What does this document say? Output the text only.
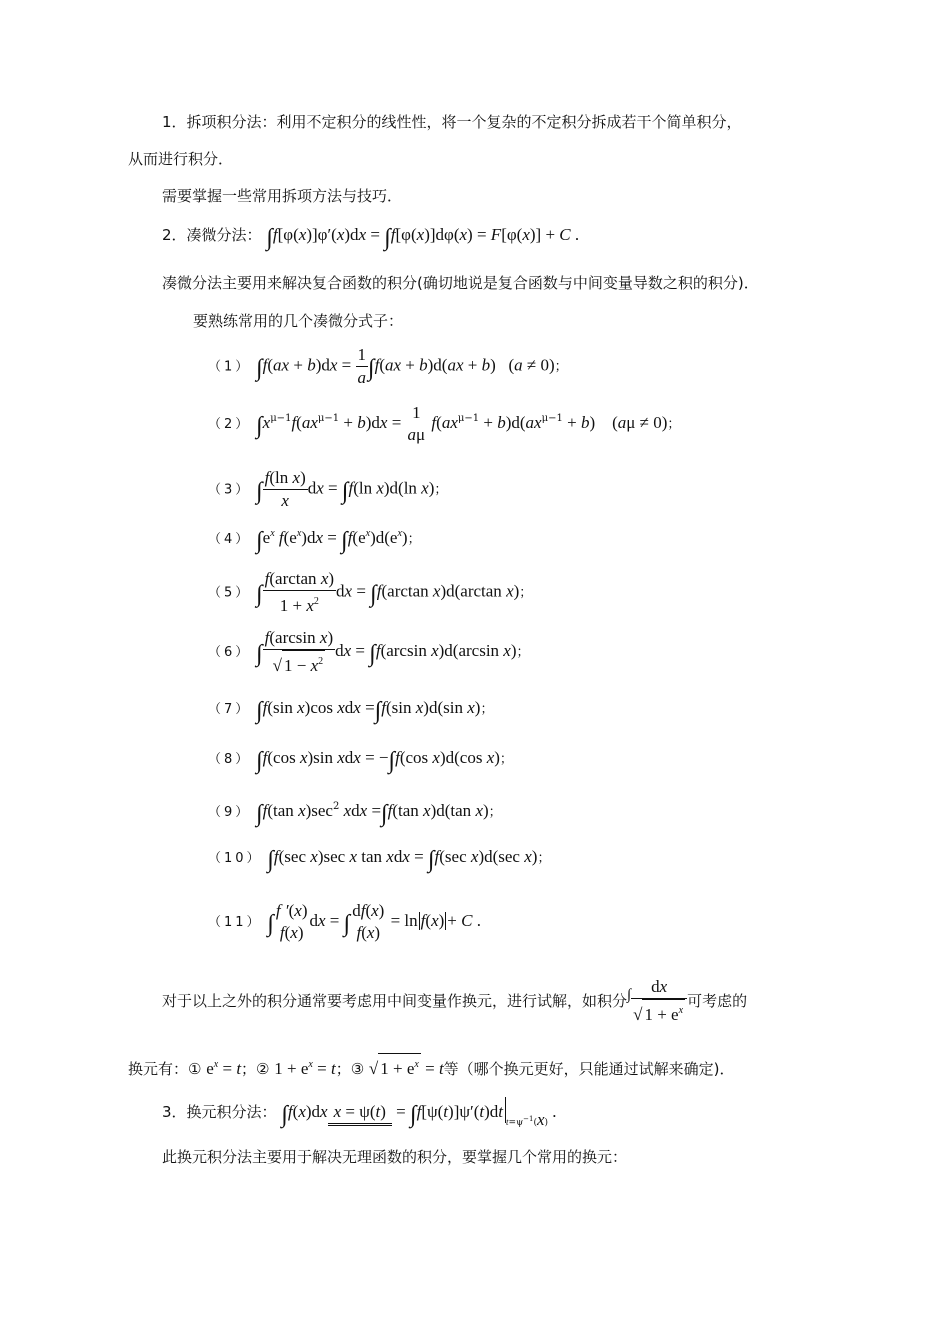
1．拆项积分法：利用不定积分的线性性，将一个复杂的不定积分拆成若干个简单积分，
从而进行积分．
需要掌握一些常用拆项方法与技巧．
2．凑微分法： ∫f[φ(x)]φ′(x)dx = ∫f[φ(x)]dφ(x) = F[φ(x)] + C .
凑微分法主要用来解决复合函数的积分(确切地说是复合函数与中间变量导数之积的积分)．
要熟练常用的几个凑微分式子：
（1） $\int f(ax + b)dx = \frac{1}{a} \int f(ax + b)d(ax + b) (a \ne 0)$；
（2） $\int x^{\mu-1}f(ax^{\mu-1} + b)dx$ =
1
aμ
$f(ax^{\mu-1} + b)d(ax^{\mu-1} + b)$    (aμ ≠ 0)；
（3） ∫ $\frac{\text{f(ln x)}}{x}$ dx = ∫f(ln x)d(ln x)；
（4） $\int e^x$ $f(e^x)dx = \int f(e^x)d(e^x)$；
（5） ∫ $\frac{\text{f(arctan x)}}{1 + x^2}$ dx = ∫f(arctan x)d(arctan x)；
（6） ∫ $\frac{\text{f(arcsin x)}}{√ 1 - x^2}$ dx = ∫f(arcsin x)d(arcsin x)；
（7） ∫f(sin x)cos xdx =∫f(sin x)d(sin x)；
（8） ∫f(cos x)sin xdx = −∫f(cos x)d(cos x)；
（9） ∫f(tan $x)\sec^2$ xdx =∫f(tan x)d(tan x)；
（10） ∫f(sec x)sec x tan xdx = ∫f(sec x)d(sec x)；
（11） ∫
f ′(x)
f(x)
dx = ∫
df(x)
f(x)
= ln f(x) + C .
对于以上之外的积分通常要考虑用中间变量作换元，进行试解，如积分∫ $\frac{dx}{√ 1 + e^x}$ 可考虑的
换元有：① $e^x = t$；② $1 + e^x = t$；③ √ $1 + e^x = t$等（哪个换元更好，只能通过试解来确定)．
3．换元积分法： ∫f(x)dx $x = \psi(t) = \int f[\psi(t)]\psi'(t)dt_{t=\psi^{-1}(x)}$ .
此换元积分法主要用于解决无理函数的积分，要掌握几个常用的换元：
